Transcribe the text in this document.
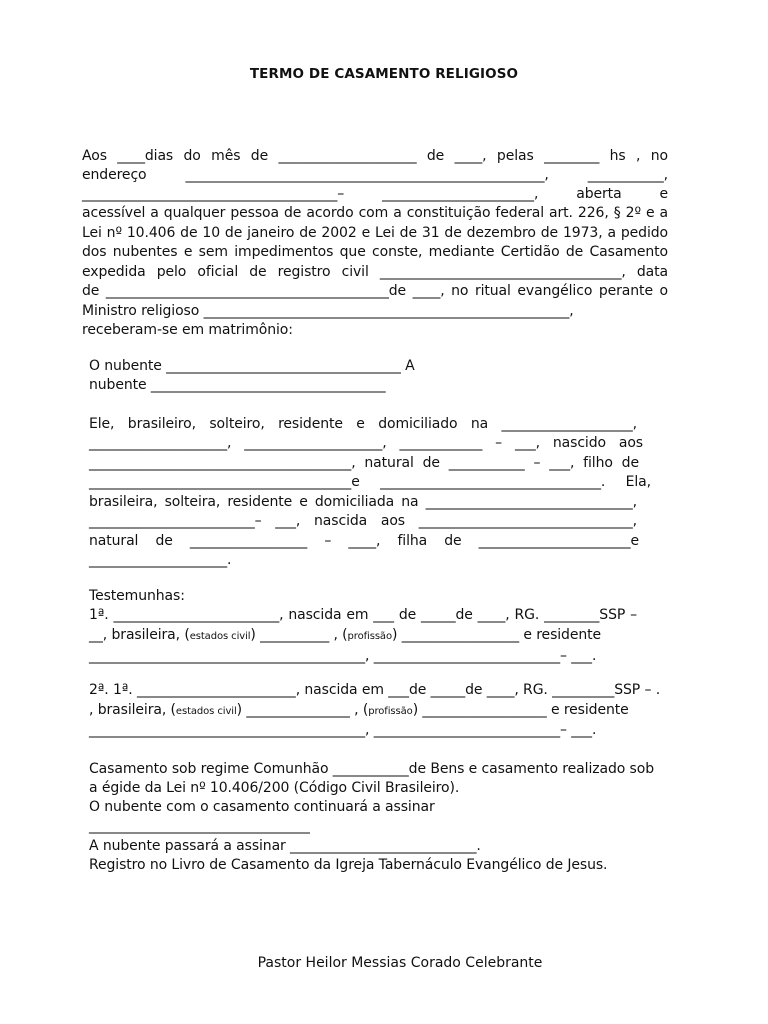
TERMO DE CASAMENTO RELIGIOSO
Aos ____dias do mês de ____________________ de ____, pelas ________ hs , no
endereço ____________________________________________________, ___________,
_____________________________________– ______________________, aberta e
acessível a qualquer pessoa de acordo com a constituição federal art. 226, § 2º e a
Lei nº 10.406 de 10 de janeiro de 2002 e Lei de 31 de dezembro de 1973, a pedido
dos nubentes e sem impedimentos que conste, mediante Certidão de Casamento
expedida pelo oficial de registro civil ___________________________________, data
de _________________________________________de ____, no ritual evangélico perante o
Ministro religioso _____________________________________________________,
receberam-se em matrimônio:
O nubente __________________________________ A
nubente __________________________________
Ele, brasileiro, solteiro, residente e domiciliado na ___________________,
____________________, ____________________, ____________ – ___, nascido aos
______________________________________, natural de ___________ – ___, filho de
______________________________________e ________________________________. Ela,
brasileira, solteira, residente e domiciliada na ______________________________,
________________________– ___, nascida aos _______________________________,
natural de _________________ – ____, filha de ______________________e
____________________.
Testemunhas:
1ª. ________________________, nascida em ___ de _____de ____, RG. ________SSP –
__, brasileira, (estados civil) __________ , (profissão) _________________ e residente
________________________________________, ___________________________– ___.
2ª. 1ª. _______________________, nascida em ___de _____de ____, RG. _________SSP – .
, brasileira, (estados civil) _______________ , (profissão) __________________ e residente
________________________________________, ___________________________– ___.
Casamento sob regime Comunhão ___________de Bens e casamento realizado sob
a égide da Lei nº 10.406/200 (Código Civil Brasileiro).
O nubente com o casamento continuará a assinar
________________________________
A nubente passará a assinar ___________________________.
Registro no Livro de Casamento da Igreja Tabernáculo Evangélico de Jesus.
Pastor Heilor Messias Corado Celebrante
